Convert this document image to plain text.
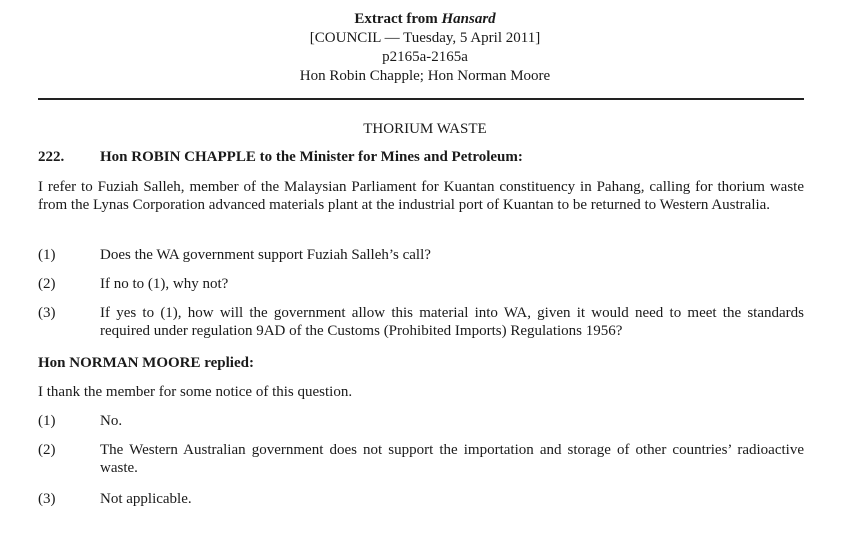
Extract from Hansard
[COUNCIL — Tuesday, 5 April 2011]
p2165a-2165a
Hon Robin Chapple; Hon Norman Moore
THORIUM WASTE
222. Hon ROBIN CHAPPLE to the Minister for Mines and Petroleum:
I refer to Fuziah Salleh, member of the Malaysian Parliament for Kuantan constituency in Pahang, calling for thorium waste from the Lynas Corporation advanced materials plant at the industrial port of Kuantan to be returned to Western Australia.
(1)	Does the WA government support Fuziah Salleh’s call?
(2)	If no to (1), why not?
(3)	If yes to (1), how will the government allow this material into WA, given it would need to meet the standards required under regulation 9AD of the Customs (Prohibited Imports) Regulations 1956?
Hon NORMAN MOORE replied:
I thank the member for some notice of this question.
(1)	No.
(2)	The Western Australian government does not support the importation and storage of other countries’ radioactive waste.
(3)	Not applicable.
